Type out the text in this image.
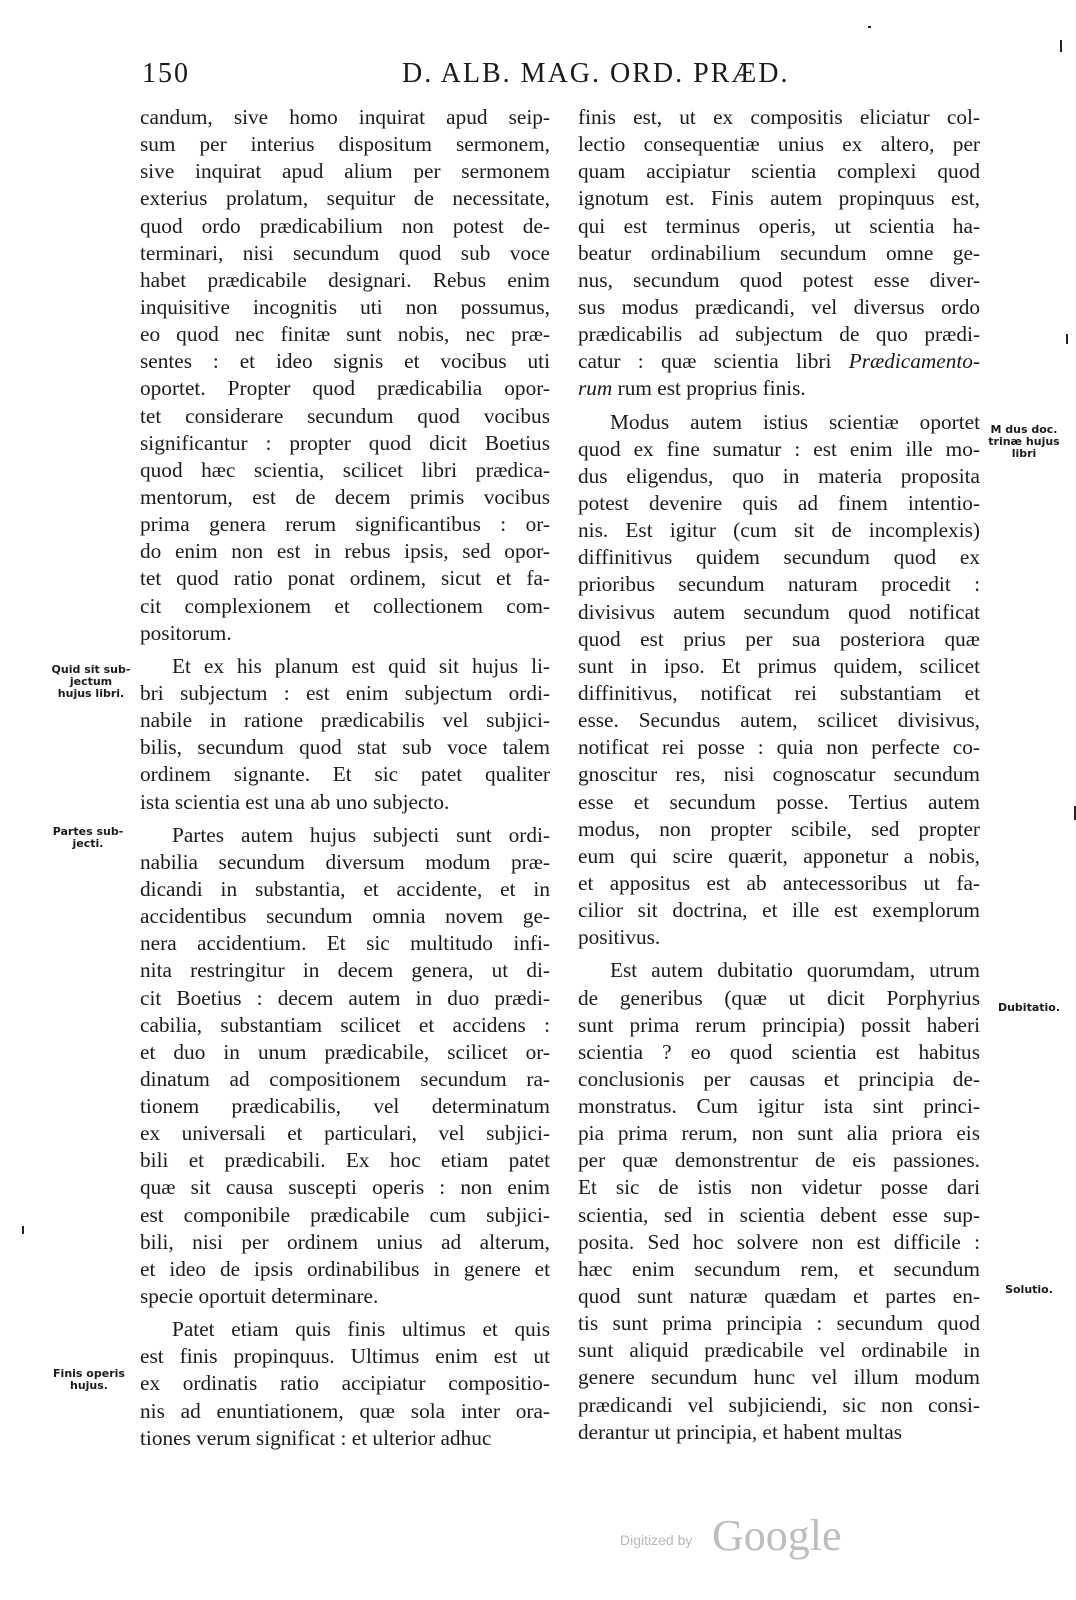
150	D. ALB. MAG. ORD. PRÆD.
candum, sive homo inquirat apud seip-
sum per interius dispositum sermonem,
sive inquirat apud alium per sermonem
exterius prolatum, sequitur de necessitate,
quod ordo prædicabilium non potest de-
terminari, nisi secundum quod sub voce
habet prædicabile designari. Rebus enim
inquisitive incognitis uti non possumus,
eo quod nec finitæ sunt nobis, nec præ-
sentes : et ideo signis et vocibus uti
oportet. Propter quod prædicabilia opor-
tet considerare secundum quod vocibus
significantur : propter quod dicit Boetius
quod hæc scientia, scilicet libri prædica-
mentorum, est de decem primis vocibus
prima genera rerum significantibus : or-
do enim non est in rebus ipsis, sed opor-
tet quod ratio ponat ordinem, sicut et fa-
cit complexionem et collectionem com-
positorum.
Et ex his planum est quid sit hujus li-
bri subjectum : est enim subjectum ordi-
nabile in ratione prædicabilis vel subjici-
bilis, secundum quod stat sub voce talem
ordinem signante. Et sic patet qualiter
ista scientia est una ab uno subjecto.
Partes autem hujus subjecti sunt ordi-
nabilia secundum diversum modum præ-
dicandi in substantia, et accidente, et in
accidentibus secundum omnia novem ge-
nera accidentium. Et sic multitudo infi-
nita restringitur in decem genera, ut di-
cit Boetius : decem autem in duo prædi-
cabilia, substantiam scilicet et accidens :
et duo in unum prædicabile, scilicet or-
dinatum ad compositionem secundum ra-
tionem prædicabilis, vel determinatum
ex universali et particulari, vel subjici-
bili et prædicabili. Ex hoc etiam patet
quæ sit causa suscepti operis : non enim
est componibile prædicabile cum subjici-
bili, nisi per ordinem unius ad alterum,
et ideo de ipsis ordinabilibus in genere et
specie oportuit determinare.
Patet etiam quis finis ultimus et quis
est finis propinquus. Ultimus enim est ut
ex ordinatis ratio accipiatur compositio-
nis ad enuntiationem, quæ sola inter ora-
tiones verum significat : et ulterior adhuc
finis est, ut ex compositis eliciatur col-
lectio consequentiæ unius ex altero, per
quam accipiatur scientia complexi quod
ignotum est. Finis autem propinquus est,
qui est terminus operis, ut scientia ha-
beatur ordinabilium secundum omne ge-
nus, secundum quod potest esse diver-
sus modus prædicandi, vel diversus ordo
prædicabilis ad subjectum de quo prædi-
catur : quæ scientia libri Prædicamento-
rum rum est proprius finis.
Modus autem istius scientiæ oportet
quod ex fine sumatur : est enim ille mo-
dus eligendus, quo in materia proposita
potest devenire quis ad finem intentio-
nis. Est igitur (cum sit de incomplexis)
diffinitivus quidem secundum quod ex
prioribus secundum naturam procedit :
divisivus autem secundum quod notificat
quod est prius per sua posteriora quæ
sunt in ipso. Et primus quidem, scilicet
diffinitivus, notificat rei substantiam et
esse. Secundus autem, scilicet divisivus,
notificat rei posse : quia non perfecte co-
gnoscitur res, nisi cognoscatur secundum
esse et secundum posse. Tertius autem
modus, non propter scibile, sed propter
eum qui scire quærit, apponetur a nobis,
et appositus est ab antecessoribus ut fa-
cilior sit doctrina, et ille est exemplorum
positivus.
Est autem dubitatio quorumdam, utrum
de generibus (quæ ut dicit Porphyrius
sunt prima rerum principia) possit haberi
scientia ? eo quod scientia est habitus
conclusionis per causas et principia de-
monstratus. Cum igitur ista sint princi-
pia prima rerum, non sunt alia priora eis
per quæ demonstrentur de eis passiones.
Et sic de istis non videtur posse dari
scientia, sed in scientia debent esse sup-
posita. Sed hoc solvere non est difficile :
hæc enim secundum rem, et secundum
quod sunt naturæ quædam et partes en-
tis sunt prima principia : secundum quod
sunt aliquid prædicabile vel ordinabile in
genere secundum hunc vel illum modum
prædicandi vel subjiciendi, sic non consi-
derantur ut principia, et habent multas
Quid sit sub-
jectum
hujus libri.
Partes sub-
jecti.
Finis operis
hujus.
M dus doc.
trinæ hujus
libri
Dubitatio.
Solutio.
Digitized by Google
